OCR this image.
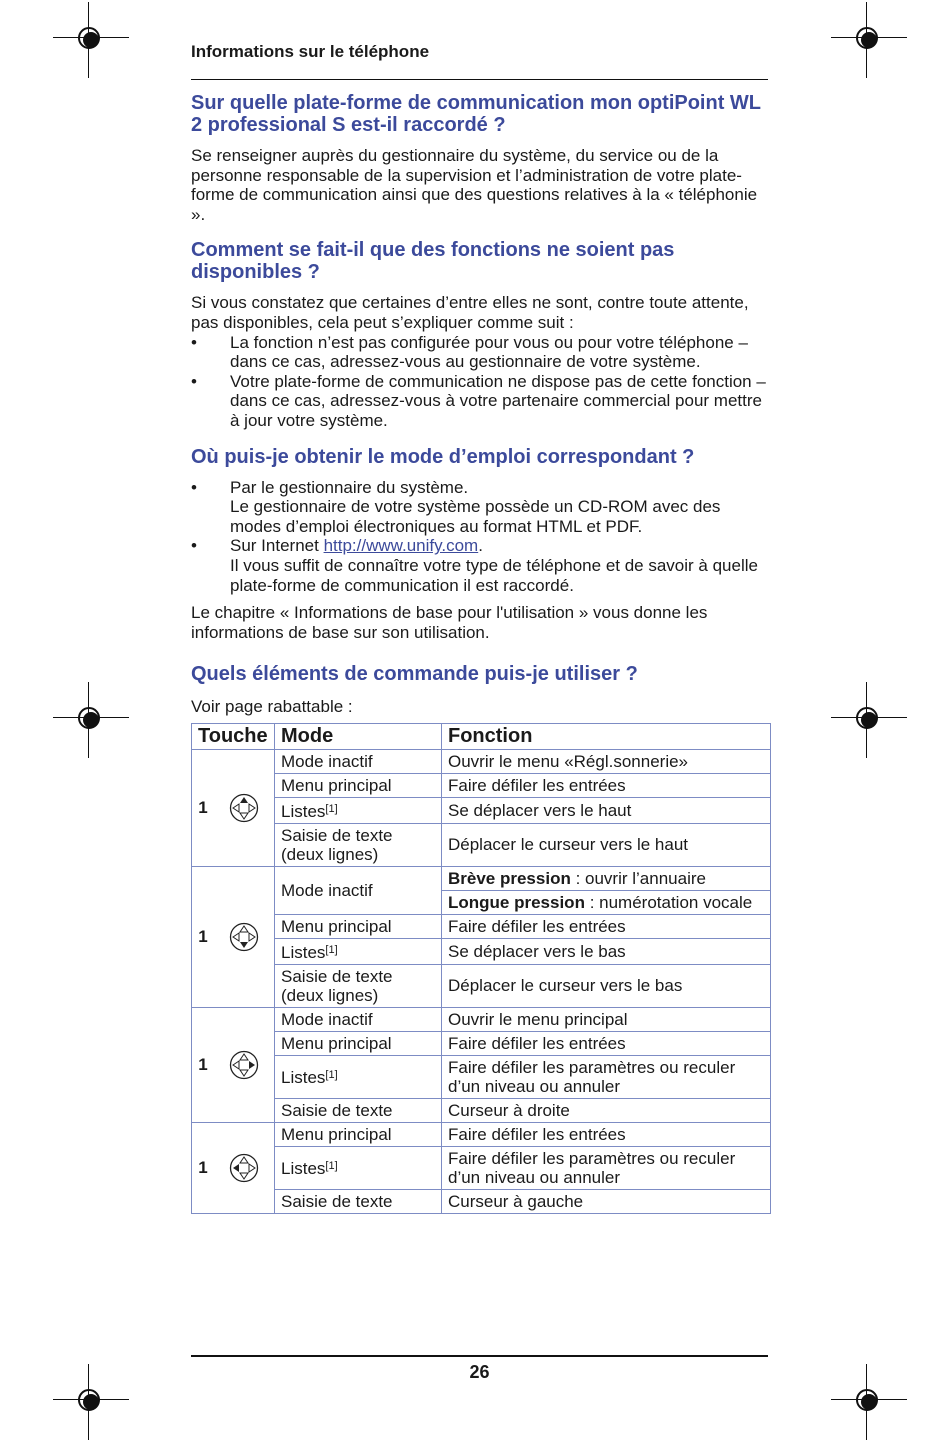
Informations sur le téléphone
Sur quelle plate-forme de communication mon optiPoint WL 2 professional S est-il raccordé ?

Se renseigner auprès du gestionnaire du système, du service ou de la personne responsable de la supervision et l’administration de votre plate-forme de communication ainsi que des questions relatives à la « téléphonie ».

Comment se fait-il que des fonctions ne soient pas disponibles ?

Si vous constatez que certaines d’entre elles ne sont, contre toute attente, pas disponibles, cela peut s’expliquer comme suit :

• La fonction n’est pas configurée pour vous ou pour votre téléphone – dans ce cas, adressez-vous au gestionnaire de votre système.
• Votre plate-forme de communication ne dispose pas de cette fonction – dans ce cas, adressez-vous à votre partenaire commercial pour mettre à jour votre système.
Où puis-je obtenir le mode d’emploi correspondant ?
• Par le gestionnaire du système.
Le gestionnaire de votre système possède un CD-ROM avec des modes d’emploi électroniques au format HTML et PDF.
• Sur Internet http://www.unify.com.
Il vous suffit de connaître votre type de téléphone et de savoir à quelle plate-forme de communication il est raccordé.

Le chapitre « Informations de base pour l'utilisation » vous donne les informations de base sur son utilisation.

Quels éléments de commande puis-je utiliser ?

Voir page rabattable :

Touche		Mode	Fonction
1		Mode inactif	Ouvrir le menu «Régl.sonnerie»
		Menu principal	Faire défiler les entrées
		Listes[1]	Se déplacer vers le haut
		Saisie de texte (deux lignes)	Déplacer le curseur vers le haut
1		Mode inactif	Brève pression : ouvrir l’annuaire
			Longue pression : numérotation vocale
		Menu principal	Faire défiler les entrées
		Listes[1]	Se déplacer vers le bas
		Saisie de texte (deux lignes)	Déplacer le curseur vers le bas
1		Mode inactif	Ouvrir le menu principal
		Menu principal	Faire défiler les entrées
		Listes[1]	Faire défiler les paramètres ou reculer d’un niveau ou annuler
		Saisie de texte	Curseur à droite
1		Menu principal	Faire défiler les entrées
		Listes[1]	Faire défiler les paramètres ou reculer d’un niveau ou annuler
		Saisie de texte	Curseur à gauche
26
